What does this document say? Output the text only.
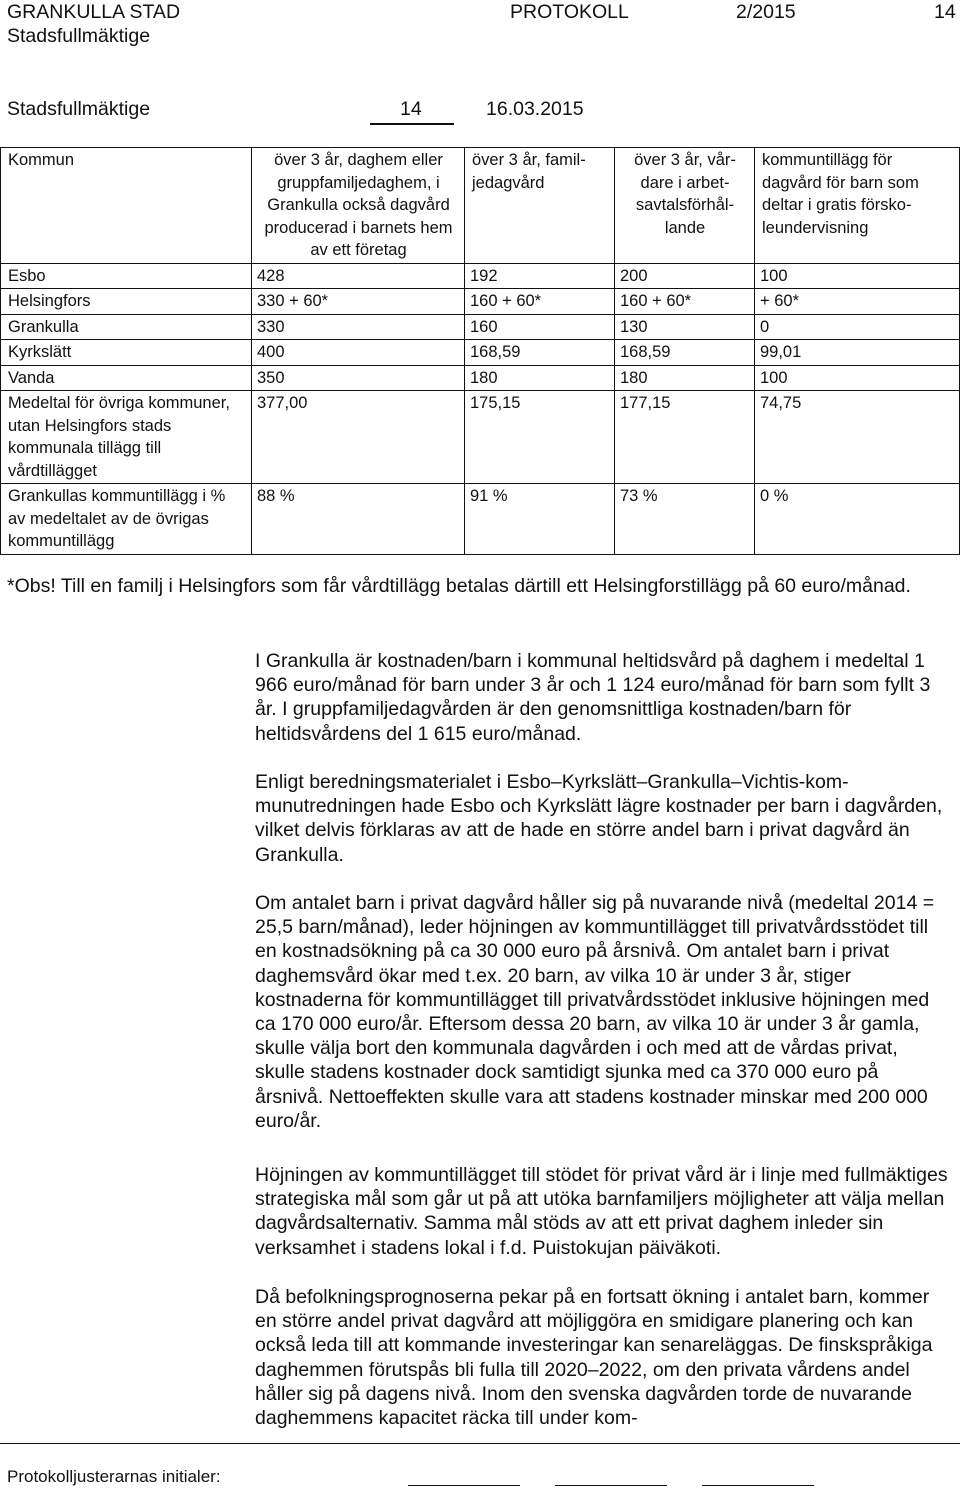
GRANKULLA STAD
Stadsfullmäktige
PROTOKOLL	2/2015	14
Stadsfullmäktige	14	16.03.2015
Kommun	över 3 år, daghem eller gruppfamiljedaghem, i Grankulla också dagvård producerad i barnets hem av ett företag	över 3 år, familjedagvård	över 3 år, vårdare i arbetsavtalsförhållande	kommuntillägg för dagvård för barn som deltar i gratis förskoleundervisning
Esbo	428	192	200	100
Helsingfors	330 + 60*	160 + 60*	160 + 60*	+ 60*
Grankulla	330	160	130	0
Kyrkslätt	400	168,59	168,59	99,01
Vanda	350	180	180	100
Medeltal för övriga kommuner, utan Helsingfors stads kommunala tillägg till vårdtillägget	377,00	175,15	177,15	74,75
Grankullas kommuntillägg i % av medeltalet av de övrigas kommuntillägg	88 %	91 %	73 %	0 %
*Obs! Till en familj i Helsingfors som får vårdtillägg betalas därtill ett Helsingforstillägg på 60 euro/månad.
I Grankulla är kostnaden/barn i kommunal heltidsvård på daghem i medeltal 1 966 euro/månad för barn under 3 år och 1 124 euro/månad för barn som fyllt 3 år. I gruppfamiljedagvården är den genomsnittliga kostnaden/barn för heltidsvårdens del 1 615 euro/månad.
Enligt beredningsmaterialet i Esbo–Kyrkslätt–Grankulla–Vichtis-kommunutredningen hade Esbo och Kyrkslätt lägre kostnader per barn i dagvården, vilket delvis förklaras av att de hade en större andel barn i privat dagvård än Grankulla.
Om antalet barn i privat dagvård håller sig på nuvarande nivå (medeltal 2014 = 25,5 barn/månad), leder höjningen av kommuntillägget till privatvårdsstödet till en kostnadsökning på ca 30 000 euro på årsnivå. Om antalet barn i privat daghemsvård ökar med t.ex. 20 barn, av vilka 10 är under 3 år, stiger kostnaderna för kommuntillägget till privatvårdsstödet inklusive höjningen med ca 170 000 euro/år. Eftersom dessa 20 barn, av vilka 10 är under 3 år gamla, skulle välja bort den kommunala dagvården i och med att de vårdas privat, skulle stadens kostnader dock samtidigt sjunka med ca 370 000 euro på årsnivå. Nettoeffekten skulle vara att stadens kostnader minskar med 200 000 euro/år.
Höjningen av kommuntillägget till stödet för privat vård är i linje med fullmäktiges strategiska mål som går ut på att utöka barnfamiljers möjligheter att välja mellan dagvårdsalternativ. Samma mål stöds av att ett privat daghem inleder sin verksamhet i stadens lokal i f.d. Puistokujan päiväkoti.
Då befolkningsprognoserna pekar på en fortsatt ökning i antalet barn, kommer en större andel privat dagvård att möjliggöra en smidigare planering och kan också leda till att kommande investeringar kan senareläggas. De finskspråkiga daghemmen förutspås bli fulla till 2020–2022, om den privata vårdens andel håller sig på dagens nivå. Inom den svenska dagvården torde de nuvarande daghemmens kapacitet räcka till under kom-
Protokolljusterarnas initialer:
